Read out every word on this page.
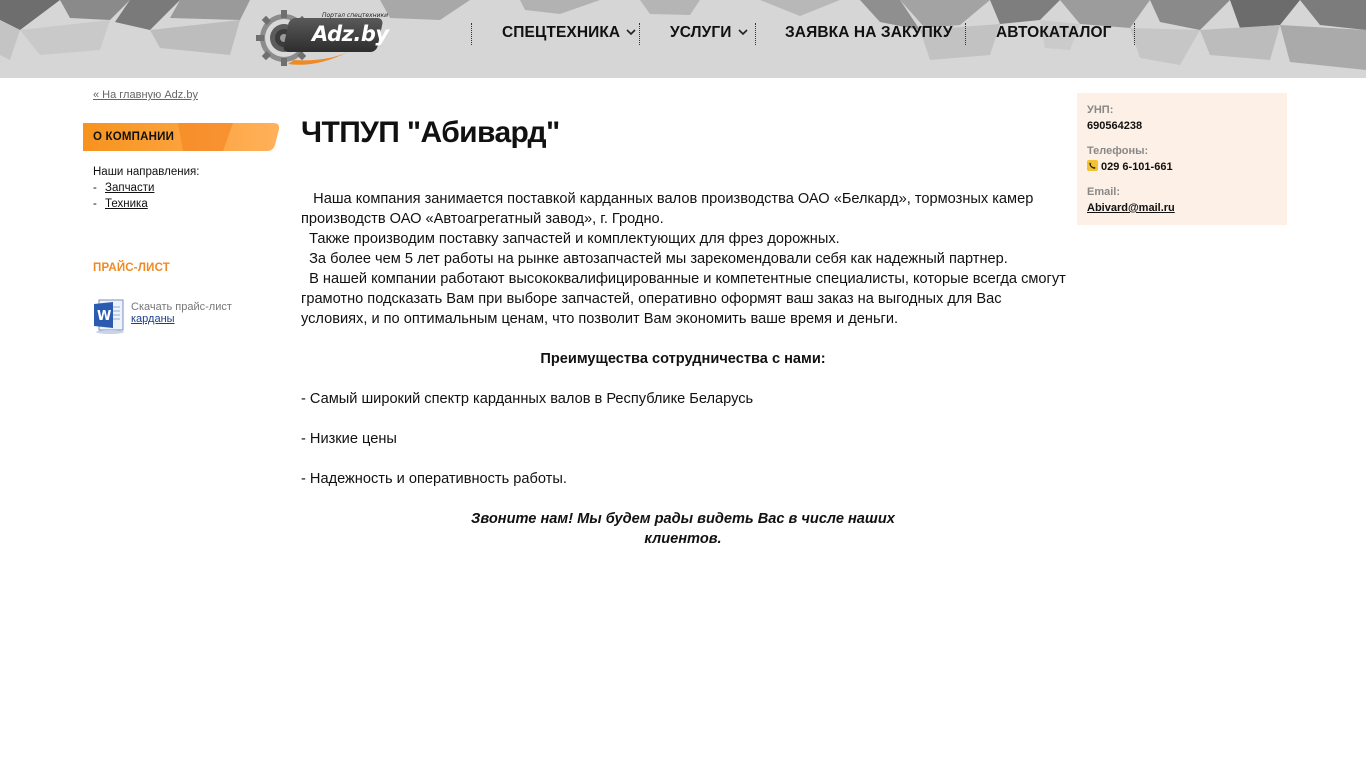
Adz.by
Портал спецтехники
СПЕЦТЕХНИКА	УСЛУГИ	ЗАЯВКА НА ЗАКУПКУ	АВТОКАТАЛОГ
« На главную Adz.by
О КОМПАНИИ
Наши направления:
- Запчасти
- Техника
ПРАЙС-ЛИСТ
W
Скачать прайс-лист
карданы
ЧТПУП "Абивард"

Наша компания занимается поставкой карданных валов производства ОАО «Белкард», тормозных камер производств ОАО «Автоагрегатный завод», г. Гродно.

Также производим поставку запчастей и комплектующих для фрез дорожных.

За более чем 5 лет работы на рынке автозапчастей мы зарекомендовали себя как надежный партнер.

В нашей компании работают высококвалифицированные и компетентные специалисты, которые всегда смогут грамотно подсказать Вам при выборе запчастей, оперативно оформят ваш заказ на выгодных для Вас условиях, и по оптимальным ценам, что позволит Вам экономить ваше время и деньги.

Преимущества сотрудничества с нами:

- Самый широкий спектр карданных валов в Республике Беларусь

- Низкие цены

- Надежность и оперативность работы.

Звоните нам! Мы будем рады видеть Вас в числе наших

клиентов.

УНП:
690564238
Телефоны:
029 6-101-661
Email:
Abivard@mail.ru
